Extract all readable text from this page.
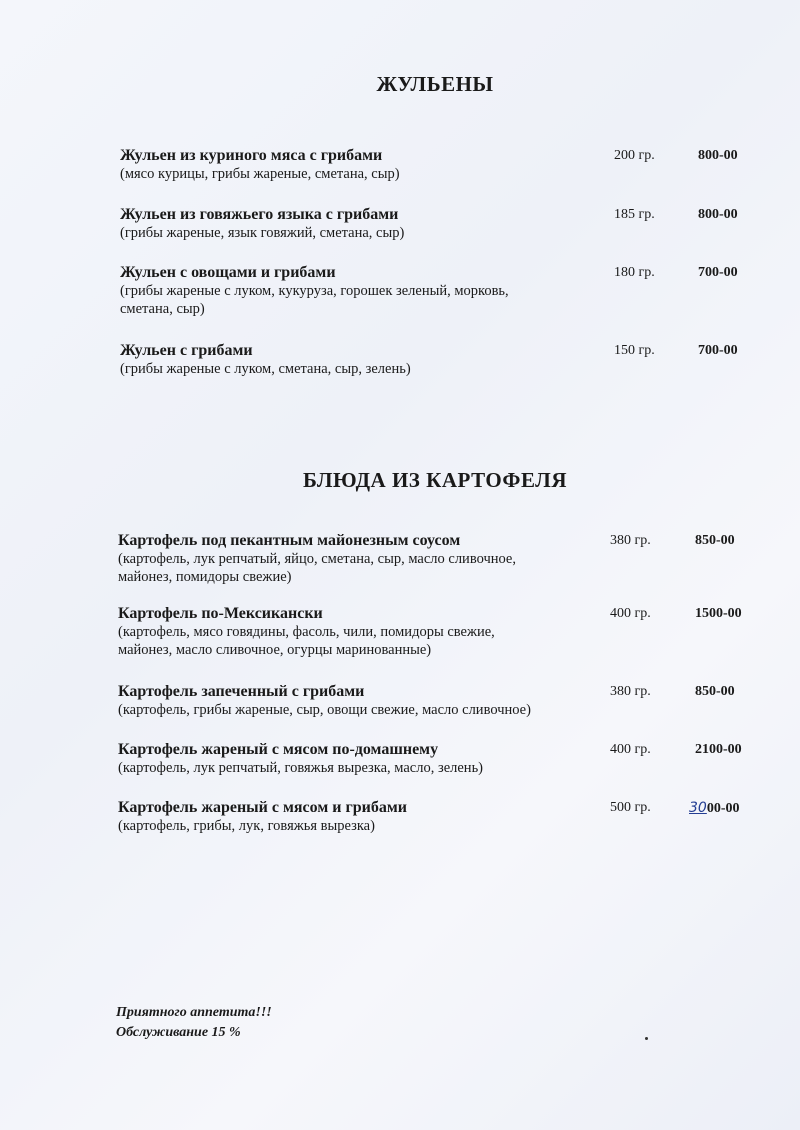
ЖУЛЬЕНЫ
Жульен из куриного мяса с грибами
(мясо курицы, грибы жареные, сметана, сыр)
200 гр.	800-00
Жульен из говяжьего языка с грибами
(грибы жареные, язык говяжий, сметана, сыр)
185 гр.	800-00
Жульен с овощами и грибами
(грибы жареные с луком, кукуруза, горошек зеленый, морковь,
сметана, сыр)
180 гр.	700-00
Жульен с грибами
(грибы жареные с луком, сметана, сыр, зелень)
150 гр.	700-00
БЛЮДА ИЗ КАРТОФЕЛЯ
Картофель под пекантным майонезным соусом
(картофель, лук репчатый, яйцо, сметана, сыр, масло сливочное,
майонез, помидоры свежие)
380 гр.	850-00
Картофель по-Мексикански
(картофель, мясо говядины, фасоль, чили, помидоры свежие,
майонез, масло сливочное, огурцы маринованные)
400 гр.	1500-00
Картофель запеченный с грибами
(картофель, грибы жареные, сыр, овощи свежие, масло сливочное)
380 гр.	850-00
Картофель жареный с мясом по-домашнему
(картофель, лук репчатый, говяжья вырезка, масло, зелень)
400 гр.	2100-00
Картофель жареный с мясом и грибами
(картофель, грибы, лук, говяжья вырезка)
500 гр.	3000-00
Приятного аппетита!!!
Обслуживание 15 %
